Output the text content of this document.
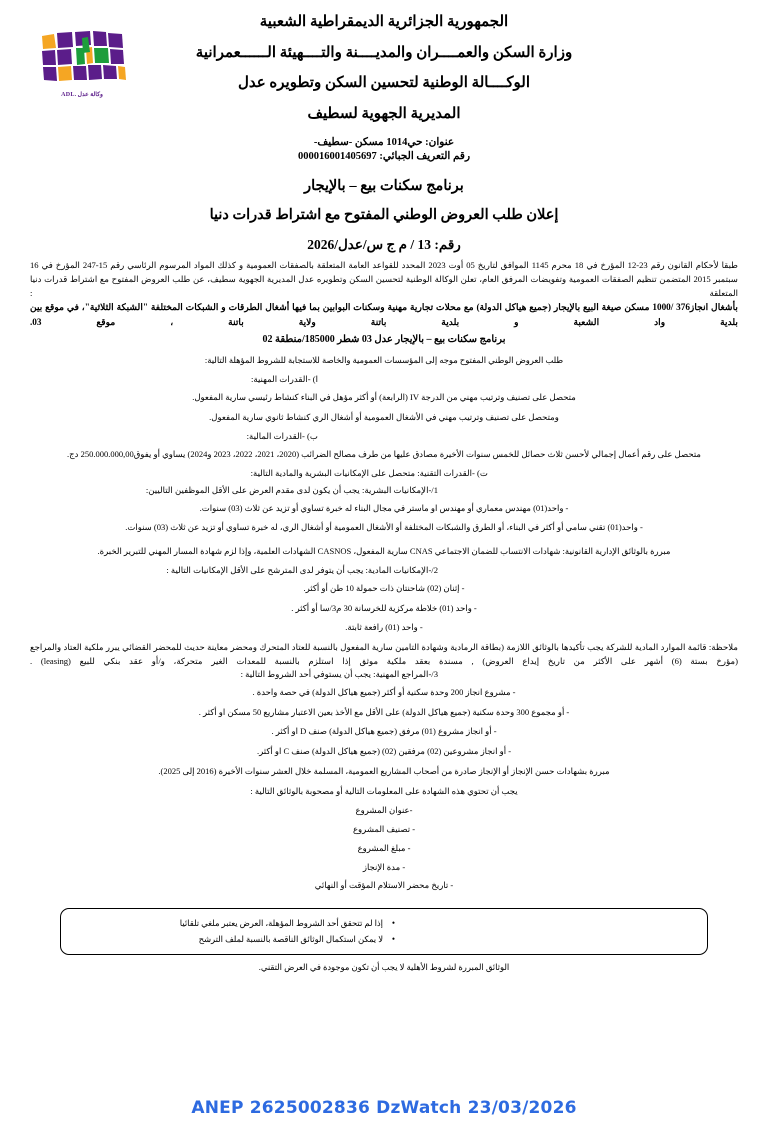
وكالة عدل .ADL
الجمهورية الجزائرية الديمقراطية الشعبية
وزارة السكن والعمــــران والمديــــنة والتــــهيئة الــــــعمرانية
الوكــــالة الوطنية لتحسين السكن وتطويره عدل
المديرية الجهوية لسطيف
عنوان: حي1014 مسكن -سطيف-
رقم التعريف الجبائي: 000016001405697
برنامج سكنات بيع – بالإيجار
إعلان طلب العروض الوطني المفتوح مع اشتراط قدرات دنيا
رقم: 13 / م ج س/عدل/2026

طبقا لأحكام القانون رقم 23-12 المؤرخ في 18 محرم 1145 الموافق لتاريخ 05 أوت 2023 المحدد للقواعد العامة المتعلقة بالصفقات العمومية و كذلك المواد المرسوم الرئاسي رقم 15-247 المؤرخ في 16 سبتمبر 2015 المتضمن تنظيم الصفقات العمومية وتفويضات المرفق العام، تعلن الوكالة الوطنية لتحسين السكن وتطويره عدل المديرية الجهوية سطيف، عن طلب العروض المفتوح مع اشتراط قدرات دنيا المتعلقة :

بأشغال انجاز376 /1000 مسكن صيغة البيع بالإيجار (جميع هياكل الدولة) مع محلات تجارية مهنية وسكنات البوابين بما فيها أشغال الطرقات و الشبكات المختلفة "الشبكة الثلاثية"، في موقع بين بلدية واد الشعبة و بلدية باتنة ولاية باتنة ، موقع 03.

برنامج سكنات بيع – بالإيجار عدل 03 شطر 185000/منطقة 02

طلب العروض الوطني المفتوح موجه إلى المؤسسات العمومية والخاصة للاستجابة للشروط المؤهلة التالية:

ا) -القدرات المهنية:

متحصل على تصنيف وترتيب مهني من الدرجة IV (الرابعة) أو أكثر مؤهل في البناء كنشاط رئيسي سارية المفعول.

ومتحصل على تصنيف وترتيب مهني في الأشغال العمومية أو أشغال الري كنشاط ثانوي سارية المفعول.

ب) -القدرات المالية:

متحصل على رقم أعمال إجمالي لأحسن ثلاث حصائل للخمس سنوات الأخيرة مصادق عليها من طرف مصالح الضرائب (2020، 2021، 2022، 2023 و2024) يساوي أو يفوق250.000.000,00 دج.

ت) -القدرات التقنية: متحصل على الإمكانيات البشرية والمادية التالية:

1/-الإمكانيات البشرية: يجب أن يكون لدى مقدم العرض على الأقل الموظفين التاليين:

- واحد(01) مهندس معماري أو مهندس او ماستر في مجال البناء له خبرة تساوي أو تزيد عن ثلاث (03) سنوات.

- واحد(01) تقني سامي أو أكثر في البناء، أو الطرق والشبكات المختلفة أو الأشغال العمومية أو أشغال الري، له خبرة تساوي أو تزيد عن ثلاث (03) سنوات.

مبررة بالوثائق الإدارية القانونية: شهادات الانتساب للضمان الاجتماعي CNAS سارية المفعول، CASNOS الشهادات العلمية، وإذا لزم شهادة المسار المهني للتبرير الخبرة.

2/-الإمكانيات المادية: يجب أن يتوفر لدى المترشح على الأقل الإمكانيات التالية :

- إثنان (02) شاحنتان ذات حمولة 10 طن أو أكثر.

- واحد (01) خلاطة مركزية للخرسانة 30 م3/سا أو أكثر .

- واحد (01) رافعة ثابتة.

ملاحظة: قائمة الموارد المادية للشركة يجب تأكيدها بالوثائق اللازمة (بطاقة الرمادية وشهادة التامين سارية المفعول بالنسبة للعتاد المتحرك ومحضر معاينة حديث للمحضر القضائي يبرر ملكية العتاد والمراجع (مؤرخ بستة (6) أشهر على الأكثر من تاريخ إيداع العروض) , مسندة بعقد ملكية موثق إذا استلزم بالنسبة للمعدات الغير متحركة، و/أو عقد بنكي للبيع (leasing) .

3/-المراجع المهنية: يجب أن يستوفي أحد الشروط التالية :

- مشروع انجاز 200 وحدة سكنية أو أكثر (جميع هياكل الدولة) في حصة واحدة .

- أو مجموع 300 وحدة سكنية (جميع هياكل الدولة) على الأقل مع الأخذ بعين الاعتبار مشاريع 50 مسكن او أكثر .

- أو انجاز مشروع (01) مرفق (جميع هياكل الدولة) صنف D او أكثر .

- أو انجاز مشروعين (02) مرفقين (02) (جميع هياكل الدولة) صنف C او أكثر.

مبررة بشهادات حسن الإنجاز أو الإنجاز صادرة من أصحاب المشاريع العمومية، المسلمة خلال العشر سنوات الأخيرة (2016 إلى 2025).

يجب أن تحتوي هذه الشهادة على المعلومات التالية أو مصحوبة بالوثائق التالية :

-عنوان المشروع

- تصنيف المشروع

- مبلغ المشروع

- مدة الإنجاز

- تاريخ محضر الاستلام المؤقت أو النهائي

• إذا لم تتحقق أحد الشروط المؤهلة، العرض يعتبر ملغي تلقائيا
• لا يمكن استكمال الوثائق الناقصة بالنسبة لملف الترشح

الوثائق المبررة لشروط الأهلية لا يجب أن تكون موجودة في العرض التقني.

ANEP 2625002836 DzWatch 23/03/2026
